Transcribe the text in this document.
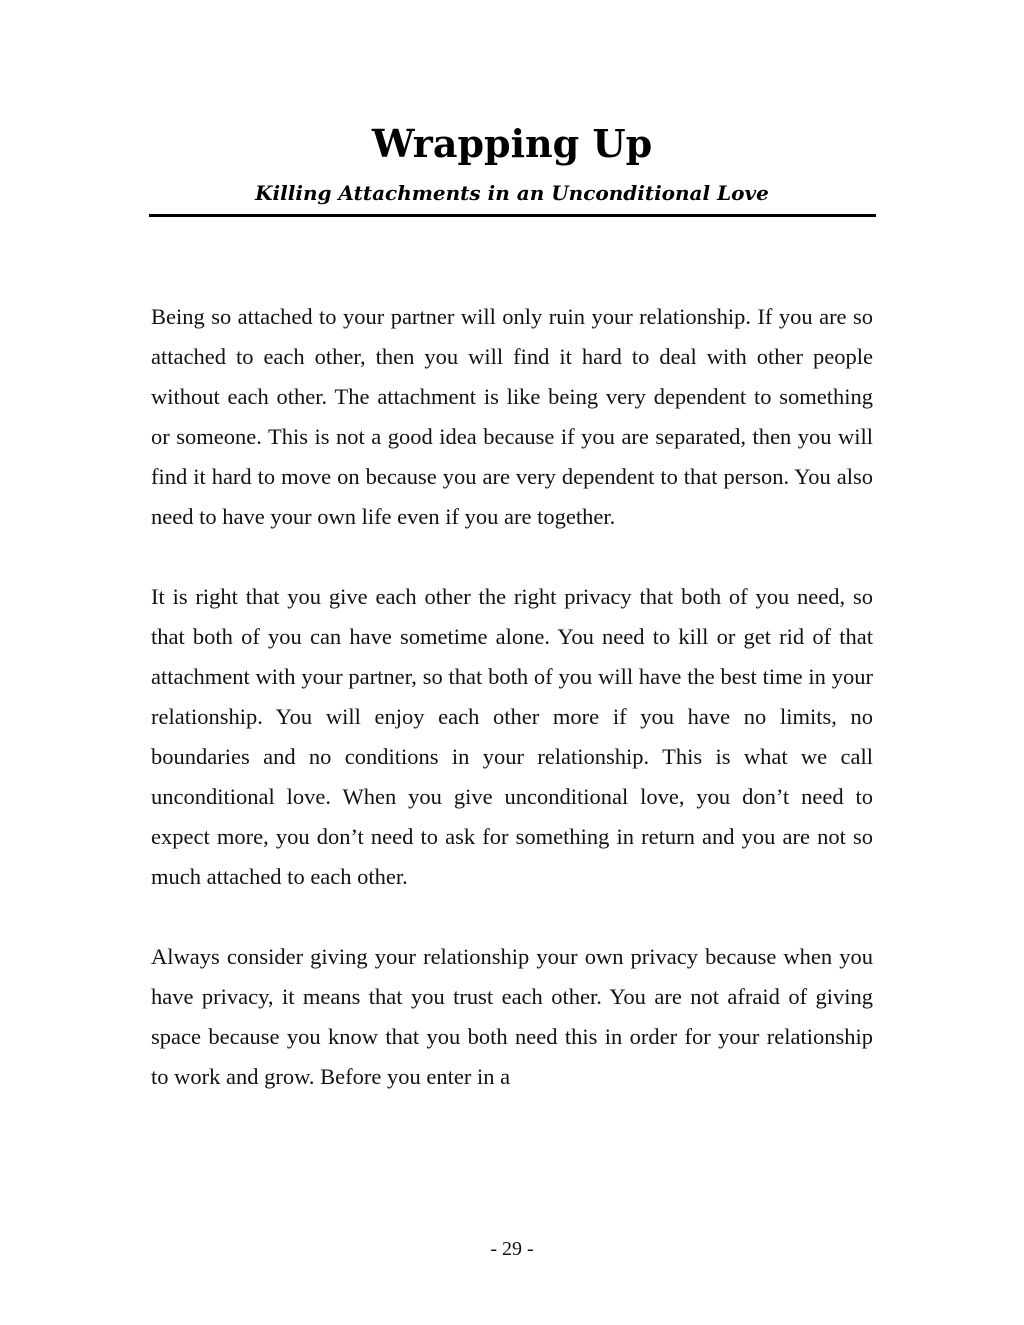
Wrapping Up
Killing Attachments in an Unconditional Love

Being so attached to your partner will only ruin your relationship. If you are so attached to each other, then you will find it hard to deal with other people without each other. The attachment is like being very dependent to something or someone. This is not a good idea because if you are separated, then you will find it hard to move on because you are very dependent to that person. You also need to have your own life even if you are together.

It is right that you give each other the right privacy that both of you need, so that both of you can have sometime alone. You need to kill or get rid of that attachment with your partner, so that both of you will have the best time in your relationship. You will enjoy each other more if you have no limits, no boundaries and no conditions in your relationship. This is what we call unconditional love. When you give unconditional love, you don’t need to expect more, you don’t need to ask for something in return and you are not so much attached to each other.

Always consider giving your relationship your own privacy because when you have privacy, it means that you trust each other. You are not afraid of giving space because you know that you both need this in order for your relationship to work and grow. Before you enter in a

- 29 -
